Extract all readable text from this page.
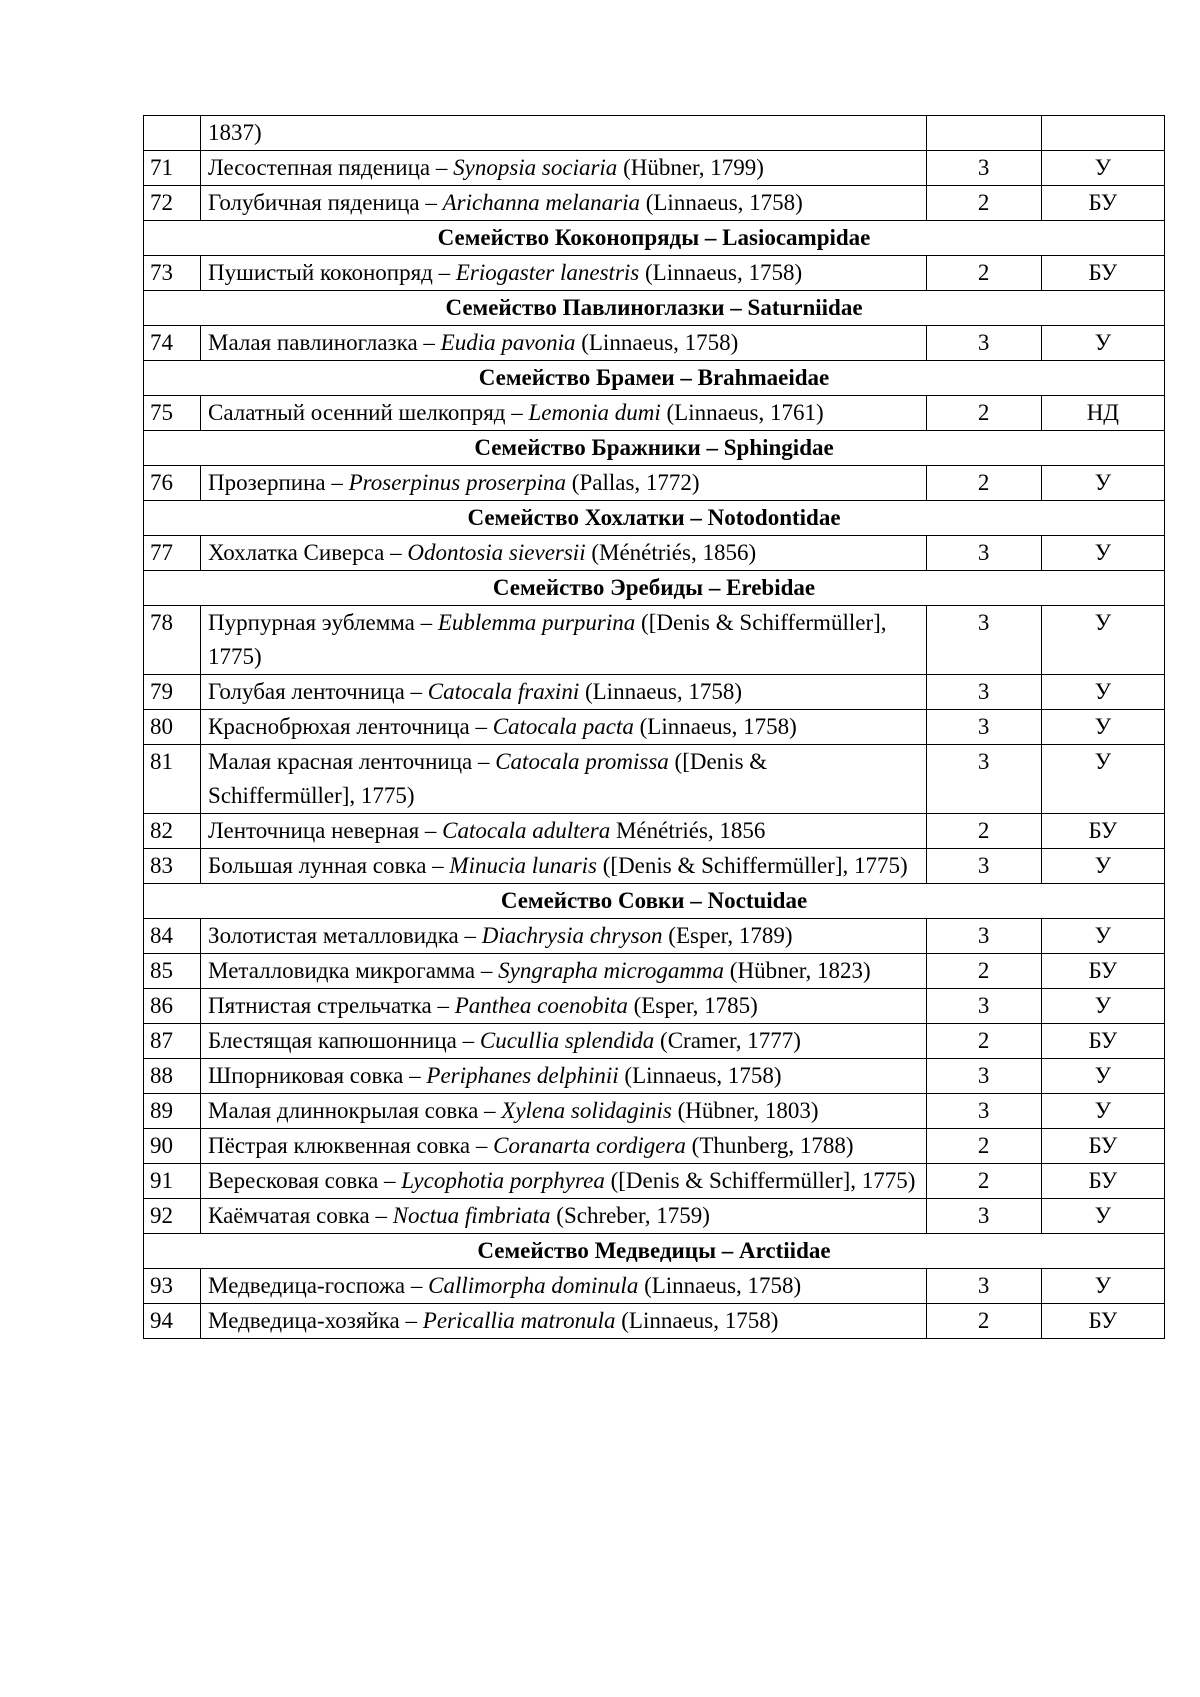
	1837)		
71	Лесостепная пяденица – Synopsia sociaria (Hübner, 1799)	3	У
72	Голубичная пяденица – Arichanna melanaria (Linnaeus, 1758)	2	БУ
Семейство Коконопряды – Lasiocampidae			
73	Пушистый коконопряд – Eriogaster lanestris (Linnaeus, 1758)	2	БУ
Семейство Павлиноглазки – Saturniidae			
74	Малая павлиноглазка – Eudia pavonia (Linnaeus, 1758)	3	У
Семейство Брамеи – Brahmaeidae			
75	Салатный осенний шелкопряд – Lemonia dumi (Linnaeus, 1761)	2	НД
Семейство Бражники – Sphingidae			
76	Прозерпина – Proserpinus proserpina (Pallas, 1772)	2	У
Семейство Хохлатки – Notodontidae			
77	Хохлатка Сиверса – Odontosia sieversii (Ménétriés, 1856)	3	У
Семейство Эребиды – Erebidae			
78	Пурпурная эублемма – Eublemma purpurina ([Denis & Schiffermüller], 1775)	3	У
79	Голубая ленточница – Catocala fraxini (Linnaeus, 1758)	3	У
80	Краснобрюхая ленточница – Catocala pacta (Linnaeus, 1758)	3	У
81	Малая красная ленточница – Catocala promissa ([Denis & Schiffermüller], 1775)	3	У
82	Ленточница неверная – Catocala adultera Ménétriés, 1856	2	БУ
83	Большая лунная совка – Minucia lunaris ([Denis & Schiffermüller], 1775)	3	У
Семейство Совки – Noctuidae			
84	Золотистая металловидка – Diachrysia chryson (Esper, 1789)	3	У
85	Металловидка микрогамма – Syngrapha microgamma (Hübner, 1823)	2	БУ
86	Пятнистая стрельчатка – Panthea coenobita (Esper, 1785)	3	У
87	Блестящая капюшонница – Cucullia splendida (Cramer, 1777)	2	БУ
88	Шпорниковая совка – Periphanes delphinii (Linnaeus, 1758)	3	У
89	Малая длиннокрылая совка – Xylena solidaginis (Hübner, 1803)	3	У
90	Пёстрая клюквенная совка – Coranarta cordigera (Thunberg, 1788)	2	БУ
91	Вересковая совка – Lycophotia porphyrea ([Denis & Schiffermüller], 1775)	2	БУ
92	Каёмчатая совка – Noctua fimbriata (Schreber, 1759)	3	У
Семейство Медведицы – Arctiidae			
93	Медведица-госпожа – Callimorpha dominula (Linnaeus, 1758)	3	У
94	Медведица-хозяйка – Pericallia matronula (Linnaeus, 1758)	2	БУ
